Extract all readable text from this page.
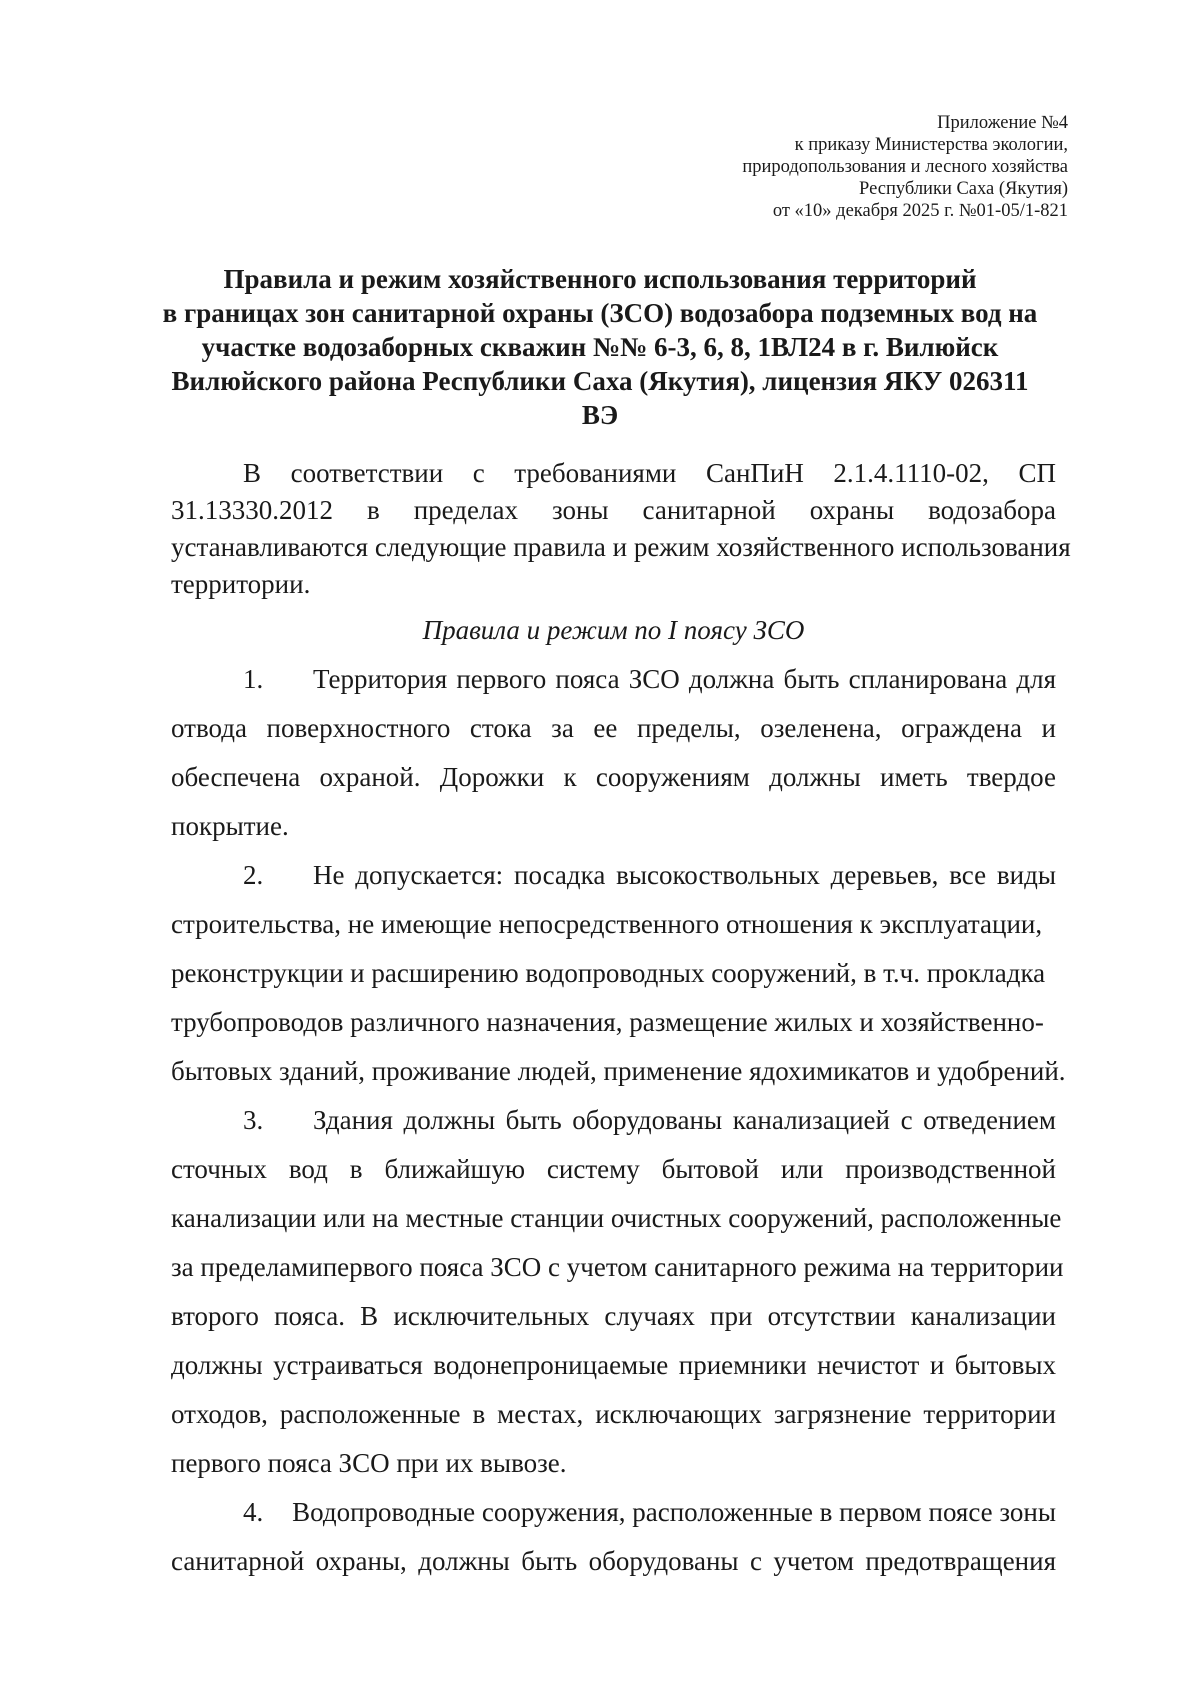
Приложение №4
к приказу Министерства экологии,
природопользования и лесного хозяйства
Республики Саха (Якутия)
от «10» декабря 2025 г. №01-05/1-821
Правила и режим хозяйственного использования территорий
в границах зон санитарной охраны (ЗСО) водозабора подземных вод на
участке водозаборных скважин №№ 6-3, 6, 8, 1ВЛ24 в г. Вилюйск
Вилюйского района Республики Саха (Якутия), лицензия ЯКУ 026311
ВЭ
В соответствии с требованиями СанПиН 2.1.4.1110-02, СП
31.13330.2012 в пределах зоны санитарной охраны водозабора
устанавливаются следующие правила и режим хозяйственного использования
территории.
Правила и режим по I поясу ЗСО
1.	Территория первого пояса ЗСО должна быть спланирована для
отвода поверхностного стока за ее пределы, озеленена, ограждена и
обеспечена охраной. Дорожки к сооружениям должны иметь твердое
покрытие.
2.	Не допускается: посадка высокоствольных деревьев, все виды
строительства, не имеющие непосредственного отношения к эксплуатации,
реконструкции и расширению водопроводных сооружений, в т.ч. прокладка
трубопроводов различного назначения, размещение жилых и хозяйственно-
бытовых зданий, проживание людей, применение ядохимикатов и удобрений.
3.	Здания должны быть оборудованы канализацией с отведением
сточных вод в ближайшую систему бытовой или производственной
канализации или на местные станции очистных сооружений, расположенные
за пределамипервого пояса ЗСО с учетом санитарного режима на территории
второго пояса. В исключительных случаях при отсутствии канализации
должны устраиваться водонепроницаемые приемники нечистот и бытовых
отходов, расположенные в местах, исключающих загрязнение территории
первого пояса ЗСО при их вывозе.
4.	Водопроводные сооружения, расположенные в первом поясе зоны
санитарной охраны, должны быть оборудованы с учетом предотвращения
